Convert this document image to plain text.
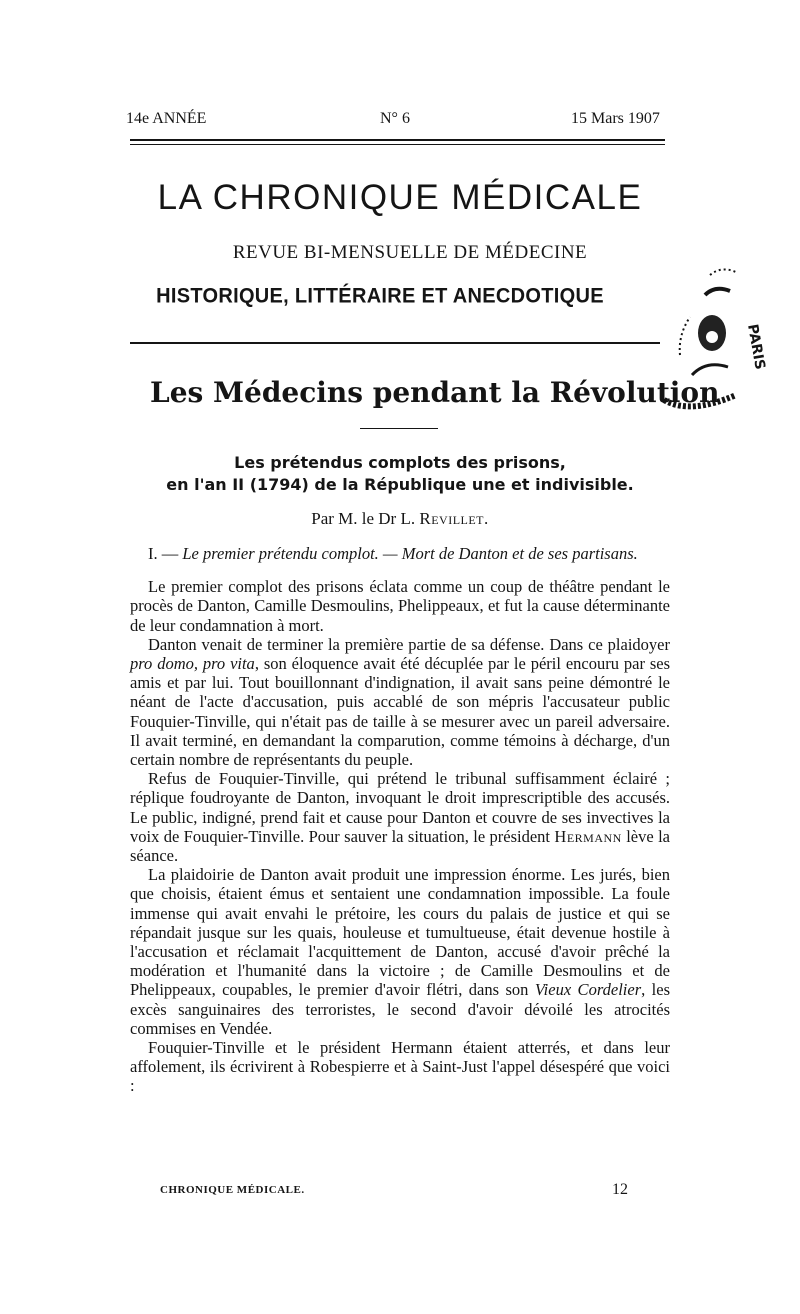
14e ANNÉE	N° 6	15 Mars 1907
LA CHRONIQUE MÉDICALE
REVUE BI-MENSUELLE DE MÉDECINE
HISTORIQUE, LITTÉRAIRE ET ANECDOTIQUE
PARIS
Les Médecins pendant la Révolution
Les prétendus complots des prisons,
en l'an II (1794) de la République une et indivisible.
Par M. le Dr L. Revillet.

I. — Le premier prétendu complot. — Mort de Danton et de ses partisans.

Le premier complot des prisons éclata comme un coup de théâtre pendant le procès de Danton, Camille Desmoulins, Phelippeaux, et fut la cause déterminante de leur condamnation à mort.

Danton venait de terminer la première partie de sa défense. Dans ce plaidoyer pro domo, pro vita, son éloquence avait été décuplée par le péril encouru par ses amis et par lui. Tout bouillonnant d'indignation, il avait sans peine démontré le néant de l'acte d'accusation, puis accablé de son mépris l'accusateur public Fouquier-Tinville, qui n'était pas de taille à se mesurer avec un pareil adversaire. Il avait terminé, en demandant la comparution, comme témoins à décharge, d'un certain nombre de représentants du peuple.

Refus de Fouquier-Tinville, qui prétend le tribunal suffisamment éclairé ; réplique foudroyante de Danton, invoquant le droit imprescriptible des accusés. Le public, indigné, prend fait et cause pour Danton et couvre de ses invectives la voix de Fouquier-Tinville. Pour sauver la situation, le président Hermann lève la séance.

La plaidoirie de Danton avait produit une impression énorme. Les jurés, bien que choisis, étaient émus et sentaient une condamnation impossible. La foule immense qui avait envahi le prétoire, les cours du palais de justice et qui se répandait jusque sur les quais, houleuse et tumultueuse, était devenue hostile à l'accusation et réclamait l'acquittement de Danton, accusé d'avoir prêché la modération et l'humanité dans la victoire ; de Camille Desmoulins et de Phelippeaux, coupables, le premier d'avoir flétri, dans son Vieux Cordelier, les excès sanguinaires des terroristes, le second d'avoir dévoilé les atrocités commises en Vendée.

Fouquier-Tinville et le président Hermann étaient atterrés, et dans leur affolement, ils écrivirent à Robespierre et à Saint-Just l'appel désespéré que voici :

CHRONIQUE MÉDICALE.	12
